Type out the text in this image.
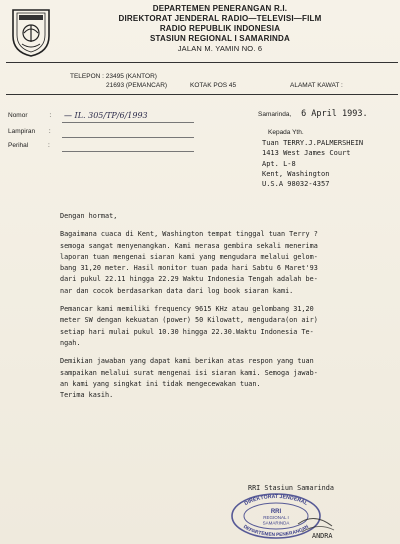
DEPARTEMEN PENERANGAN R.I.
DIREKTORAT JENDERAL RADIO—TELEVISI—FILM
RADIO REPUBLIK INDONESIA
STASIUN REGIONAL I SAMARINDA
JALAN M. YAMIN NO. 6
TELEPON : 23495 (KANTOR)
21693 (PEMANCAR)	KOTAK POS 45	ALAMAT KAWAT :
Nomor	: — IL. 305/TP/6/1993
Lampiran :
Perihal	:
Samarinda, 6 April 1993.
Kepada Yth.
Tuan TERRY.J.PALMERSHEIN
1413 West James Court
Apt. L-8
Kent, Washington
U.S.A 98032-4357

Dengan hormat,

Bagaimana cuaca di Kent, Washington tempat tinggal tuan Terry ?

semoga sangat menyenangkan. Kami merasa gembira sekali menerima

laporan tuan mengenai siaran kami yang mengudara melalui gelom-

bang 31,20 meter. Hasil monitor tuan pada hari Sabtu 6 Maret'93

dari pukul 22.11 hingga 22.29 Waktu Indonesia Tengah adalah be-

nar dan cocok berdasarkan data dari log book siaran kami.

Pemancar kami memiliki frequency 9615 KHz atau gelombang 31,20

meter SW dengan kekuatan (power) 50 Kilowatt, mengudara(on air)

setiap hari mulai pukul 10.30 hingga 22.30.Waktu Indonesia Te-

ngah.

Demikian jawaban yang dapat kami berikan atas respon yang tuan

sampaikan melalui surat mengenai isi siaran kami. Semoga jawab-

an kami yang singkat ini tidak mengecewakan tuan.

Terima kasih.

DIREKTORAT JENDERAL
DEPARTEMEN PENERANGAN
RRI
REGIONAL I
SAMARINDA
RRI Stasiun Samarinda
ANDRA
